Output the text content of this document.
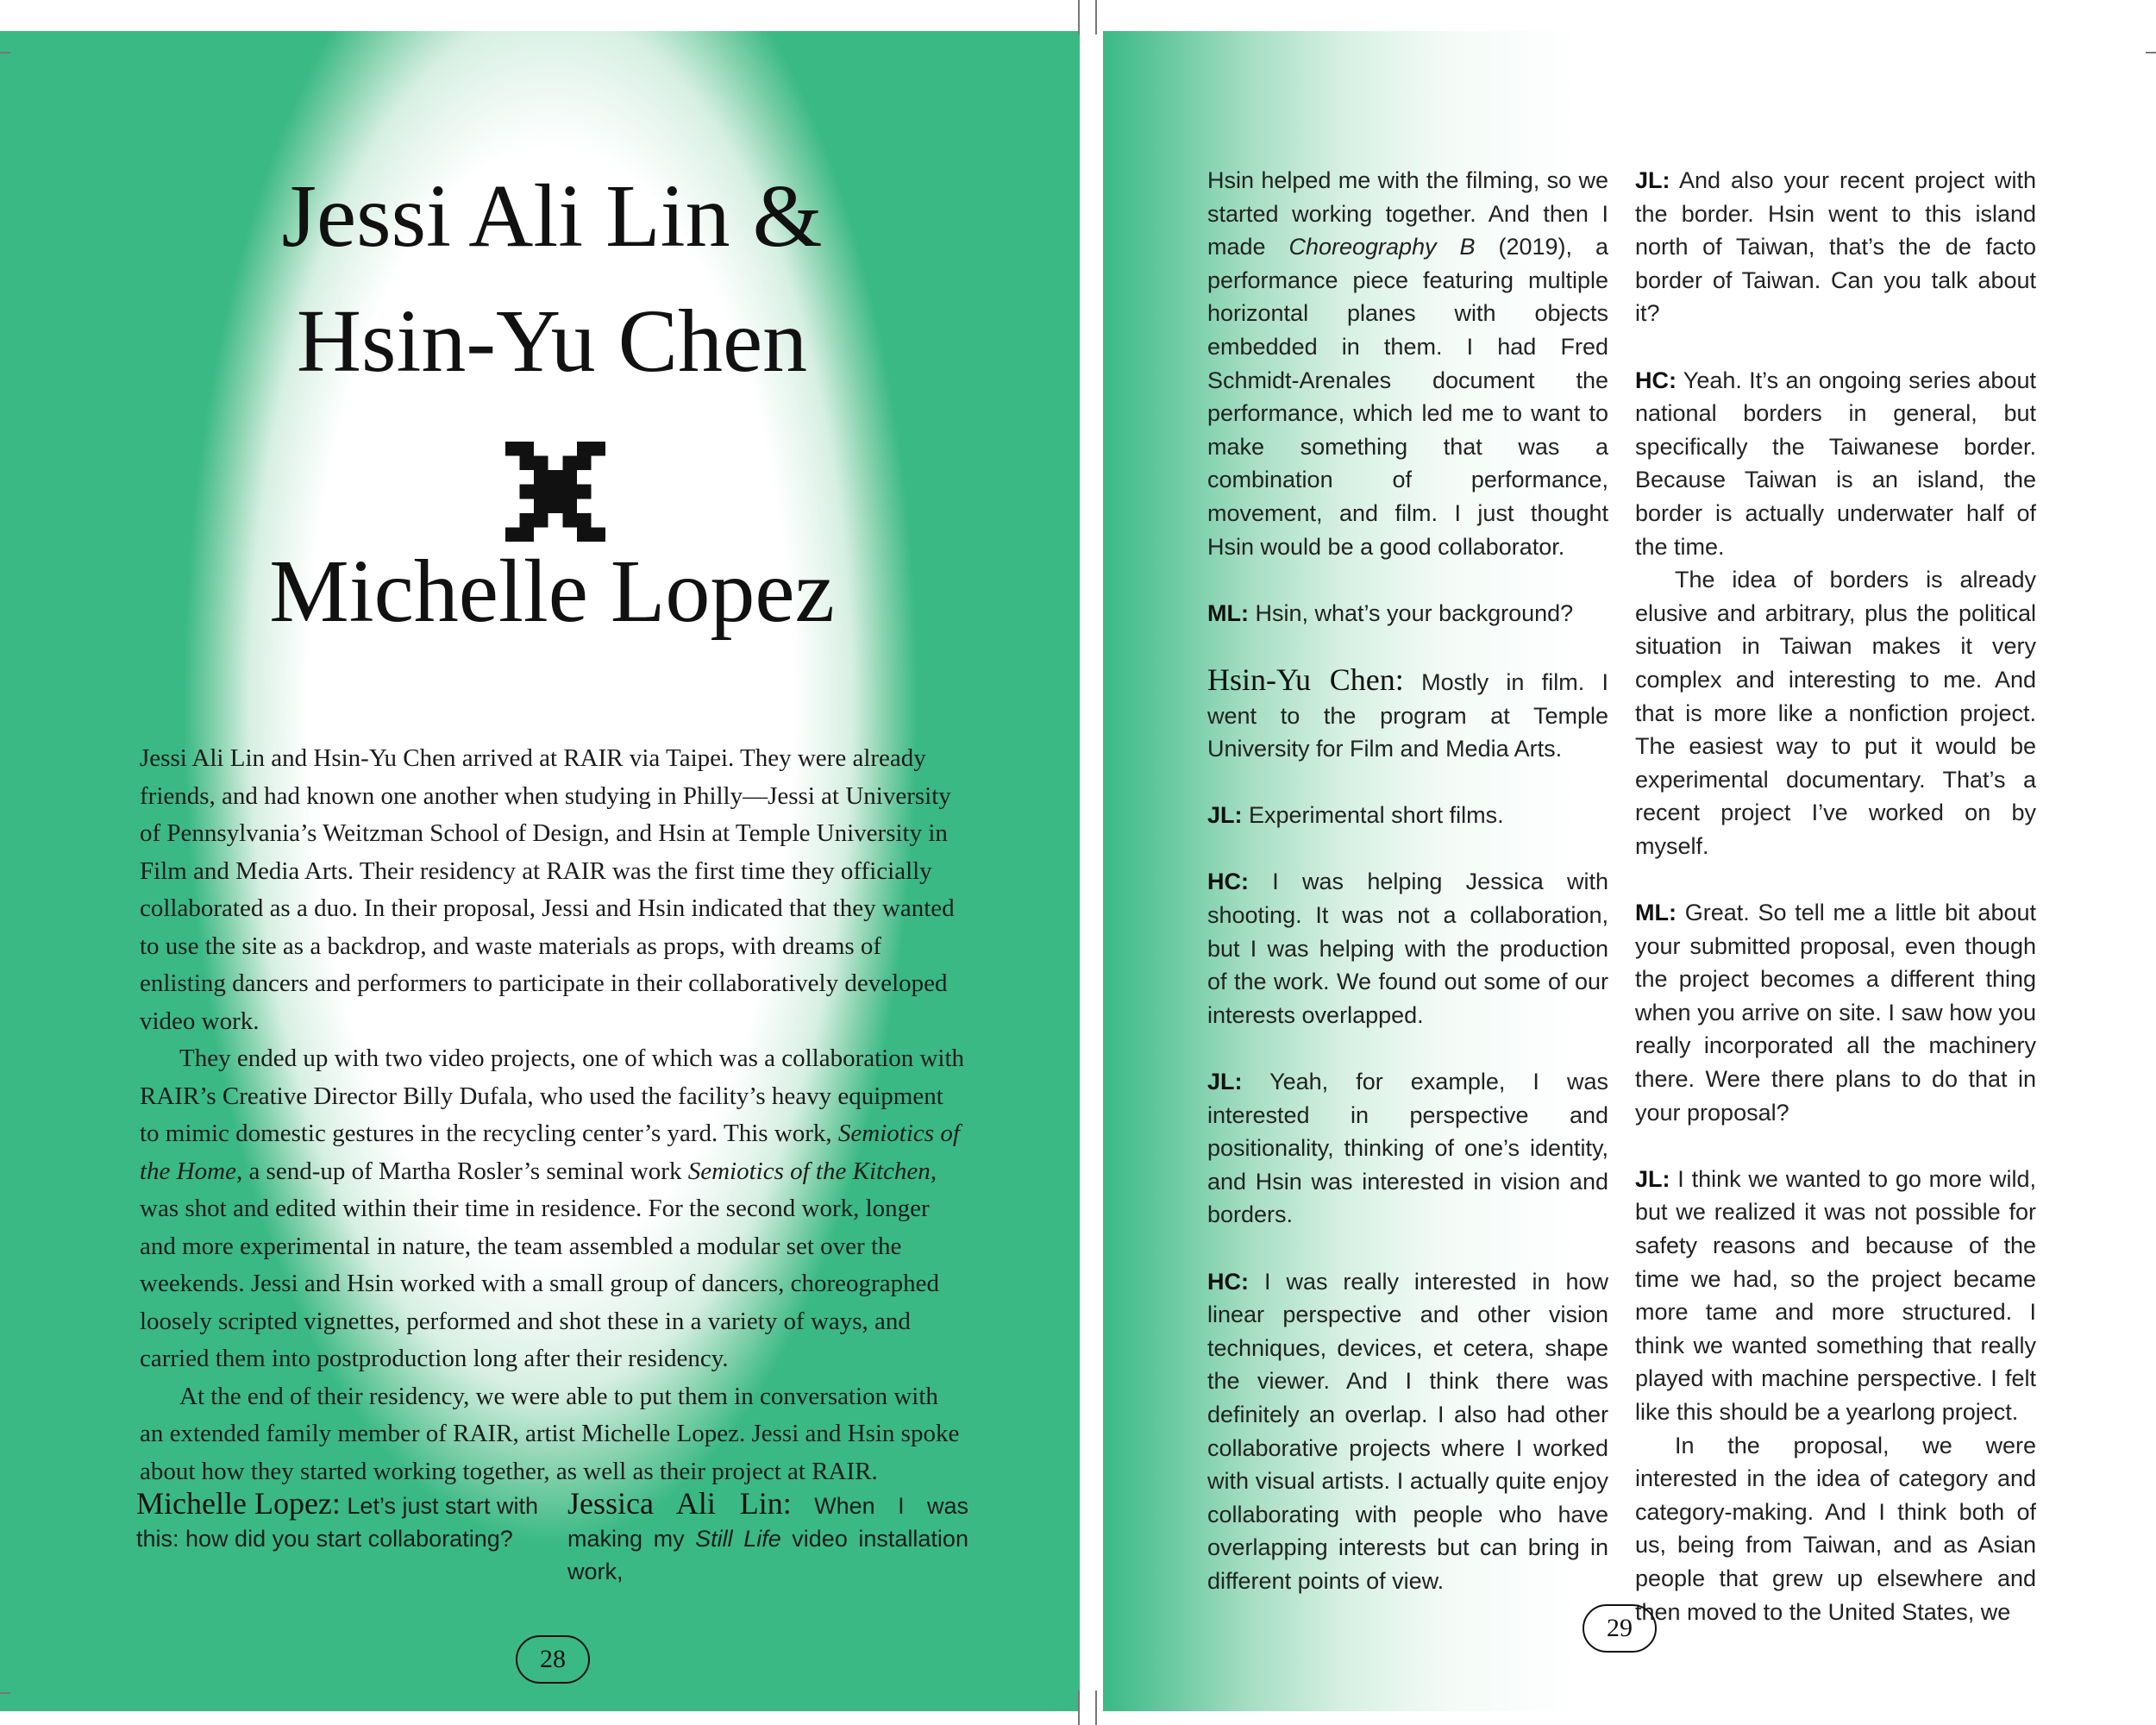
Jessi Ali Lin &
Hsin-Yu Chen
Michelle Lopez

Jessi Ali Lin and Hsin-Yu Chen arrived at RAIR via Taipei. They were already friends, and had known one another when studying in Philly—Jessi at University of Pennsylvania’s Weitzman School of Design, and Hsin at Temple University in Film and Media Arts. Their residency at RAIR was the first time they officially collaborated as a duo. In their proposal, Jessi and Hsin indicated that they wanted to use the site as a backdrop, and waste materials as props, with dreams of enlisting dancers and performers to participate in their collaboratively developed video work.

They ended up with two video projects, one of which was a collaboration with RAIR’s Creative Director Billy Dufala, who used the facility’s heavy equipment to mimic domestic gestures in the recycling center’s yard. This work, Semiotics of the Home, a send-up of Martha Rosler’s seminal work Semiotics of the Kitchen, was shot and edited within their time in residence. For the second work, longer and more experimental in nature, the team assembled a modular set over the weekends. Jessi and Hsin worked with a small group of dancers, choreographed loosely scripted vignettes, performed and shot these in a variety of ways, and carried them into postproduction long after their residency.

At the end of their residency, we were able to put them in conversation with an extended family member of RAIR, artist Michelle Lopez. Jessi and Hsin spoke about how they started working together, as well as their project at RAIR.

Michelle Lopez: Let’s just start with this: how did you start collaborating?
Jessica Ali Lin: When I was making my Still Life video installation work,
28

Hsin helped me with the filming, so we started working together. And then I made Choreography B (2019), a performance piece featuring multiple horizontal planes with objects embedded in them. I had Fred Schmidt-Arenales document the performance, which led me to want to make something that was a combination of performance, movement, and film. I just thought Hsin would be a good collaborator.

ML: Hsin, what’s your background?

Hsin-Yu Chen: Mostly in film. I went to the program at Temple University for Film and Media Arts.

JL: Experimental short films.

HC: I was helping Jessica with shooting. It was not a collaboration, but I was helping with the production of the work. We found out some of our interests overlapped.

JL: Yeah, for example, I was interested in perspective and positionality, thinking of one’s identity, and Hsin was interested in vision and borders.

HC: I was really interested in how linear perspective and other vision techniques, devices, et cetera, shape the viewer. And I think there was definitely an overlap. I also had other collaborative projects where I worked with visual artists. I actually quite enjoy collaborating with people who have overlapping interests but can bring in different points of view.

JL: And also your recent project with the border. Hsin went to this island north of Taiwan, that’s the de facto border of Taiwan. Can you talk about it?

HC: Yeah. It’s an ongoing series about national borders in general, but specifically the Taiwanese border. Because Taiwan is an island, the border is actually underwater half of the time.

The idea of borders is already elusive and arbitrary, plus the political situation in Taiwan makes it very complex and interesting to me. And that is more like a nonfiction project. The easiest way to put it would be experimental documentary. That’s a recent project I’ve worked on by myself.

ML: Great. So tell me a little bit about your submitted proposal, even though the project becomes a different thing when you arrive on site. I saw how you really incorporated all the machinery there. Were there plans to do that in your proposal?

JL: I think we wanted to go more wild, but we realized it was not possible for safety reasons and because of the time we had, so the project became more tame and more structured. I think we wanted something that really played with machine perspective. I felt like this should be a yearlong project.

In the proposal, we were interested in the idea of category and category-making. And I think both of us, being from Taiwan, and as Asian people that grew up elsewhere and then moved to the United States, we

29
